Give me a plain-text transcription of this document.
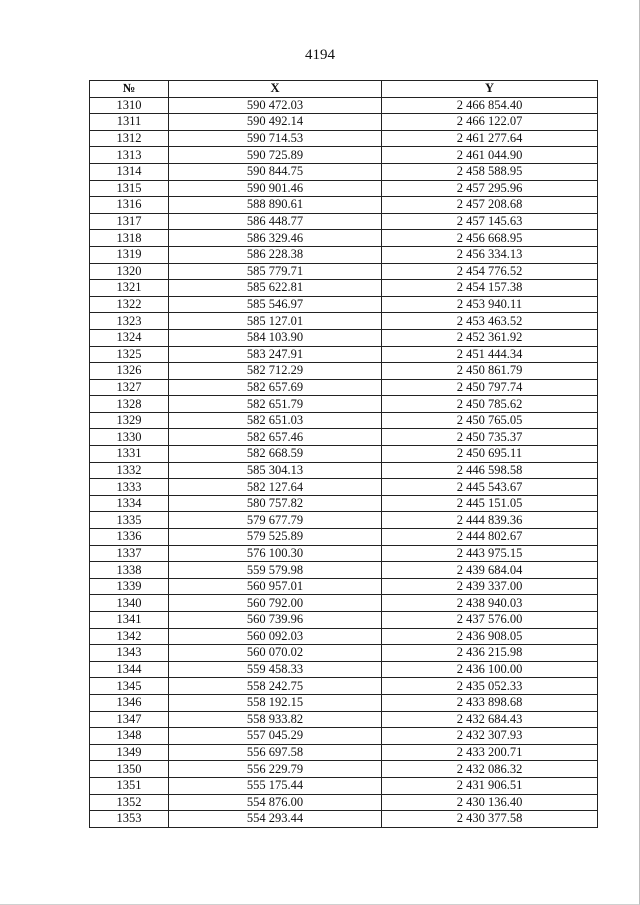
4194
№	X	Y
1310	590 472.03	2 466 854.40
1311	590 492.14	2 466 122.07
1312	590 714.53	2 461 277.64
1313	590 725.89	2 461 044.90
1314	590 844.75	2 458 588.95
1315	590 901.46	2 457 295.96
1316	588 890.61	2 457 208.68
1317	586 448.77	2 457 145.63
1318	586 329.46	2 456 668.95
1319	586 228.38	2 456 334.13
1320	585 779.71	2 454 776.52
1321	585 622.81	2 454 157.38
1322	585 546.97	2 453 940.11
1323	585 127.01	2 453 463.52
1324	584 103.90	2 452 361.92
1325	583 247.91	2 451 444.34
1326	582 712.29	2 450 861.79
1327	582 657.69	2 450 797.74
1328	582 651.79	2 450 785.62
1329	582 651.03	2 450 765.05
1330	582 657.46	2 450 735.37
1331	582 668.59	2 450 695.11
1332	585 304.13	2 446 598.58
1333	582 127.64	2 445 543.67
1334	580 757.82	2 445 151.05
1335	579 677.79	2 444 839.36
1336	579 525.89	2 444 802.67
1337	576 100.30	2 443 975.15
1338	559 579.98	2 439 684.04
1339	560 957.01	2 439 337.00
1340	560 792.00	2 438 940.03
1341	560 739.96	2 437 576.00
1342	560 092.03	2 436 908.05
1343	560 070.02	2 436 215.98
1344	559 458.33	2 436 100.00
1345	558 242.75	2 435 052.33
1346	558 192.15	2 433 898.68
1347	558 933.82	2 432 684.43
1348	557 045.29	2 432 307.93
1349	556 697.58	2 433 200.71
1350	556 229.79	2 432 086.32
1351	555 175.44	2 431 906.51
1352	554 876.00	2 430 136.40
1353	554 293.44	2 430 377.58
